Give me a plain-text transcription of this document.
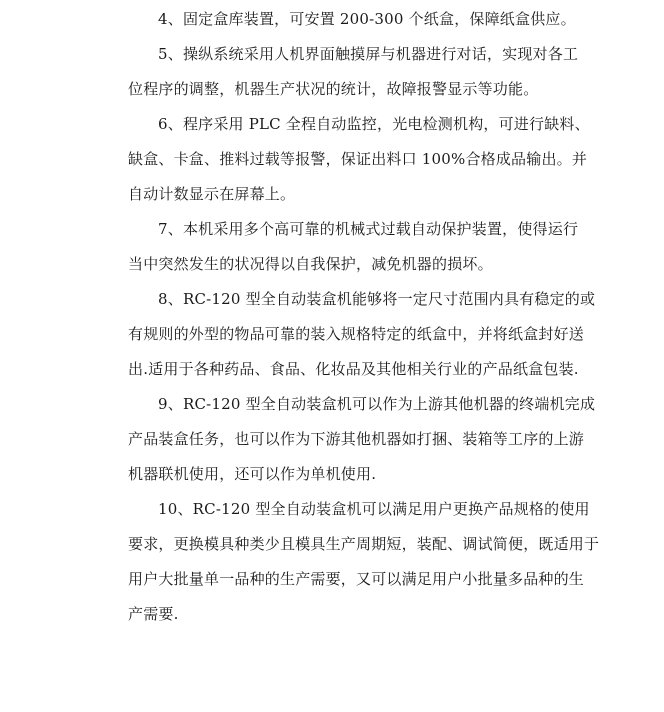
4、固定盒库装置，可安置 200-300 个纸盒，保障纸盒供应。
5、操纵系统采用人机界面触摸屏与机器进行对话，实现对各工
位程序的调整，机器生产状况的统计，故障报警显示等功能。
6、程序采用 PLC 全程自动监控，光电检测机构，可进行缺料、
缺盒、卡盒、推料过载等报警，保证出料口 100%合格成品输出。并
自动计数显示在屏幕上。
7、本机采用多个高可靠的机械式过载自动保护装置，使得运行
当中突然发生的状况得以自我保护，减免机器的损坏。
8、RC-120 型全自动装盒机能够将一定尺寸范围内具有稳定的或
有规则的外型的物品可靠的装入规格特定的纸盒中，并将纸盒封好送
出.适用于各种药品、食品、化妆品及其他相关行业的产品纸盒包装.
9、RC-120 型全自动装盒机可以作为上游其他机器的终端机完成
产品装盒任务，也可以作为下游其他机器如打捆、装箱等工序的上游
机器联机使用，还可以作为单机使用.
10、RC-120 型全自动装盒机可以满足用户更换产品规格的使用
要求，更换模具种类少且模具生产周期短，装配、调试简便，既适用于
用户大批量单一品种的生产需要，又可以满足用户小批量多品种的生
产需要.
